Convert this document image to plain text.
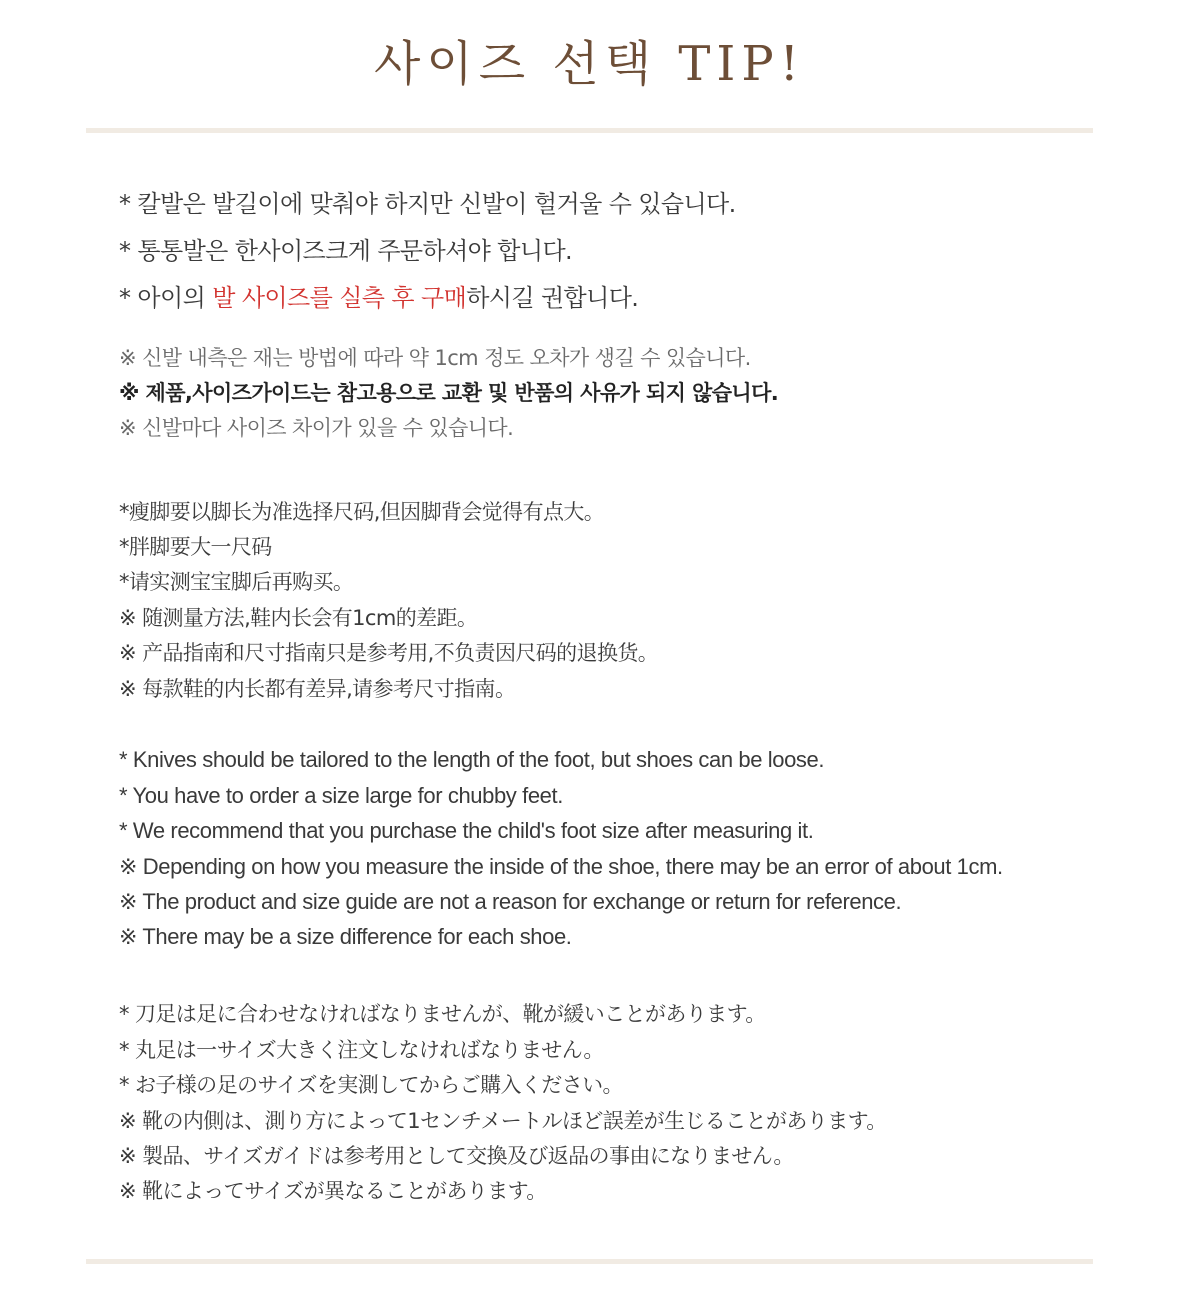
사이즈 선택 TIP!
* 칼발은 발길이에 맞춰야 하지만 신발이 헐거울 수 있습니다.
* 통통발은 한사이즈크게 주문하셔야 합니다.
* 아이의 발 사이즈를 실측 후 구매하시길 권합니다.
※ 신발 내측은 재는 방법에 따라 약 1cm 정도 오차가 생길 수 있습니다.
※ 제품,사이즈가이드는 참고용으로 교환 및 반품의 사유가 되지 않습니다.
※ 신발마다 사이즈 차이가 있을 수 있습니다.
*瘦脚要以脚长为准选择尺码,但因脚背会觉得有点大。
*胖脚要大一尺码
*请实测宝宝脚后再购买。
※ 随测量方法,鞋内长会有1cm的差距。
※ 产品指南和尺寸指南只是参考用,不负责因尺码的退换货。
※ 每款鞋的内长都有差异,请参考尺寸指南。
* Knives should be tailored to the length of the foot, but shoes can be loose.
* You have to order a size large for chubby feet.
* We recommend that you purchase the child's foot size after measuring it.
※ Depending on how you measure the inside of the shoe, there may be an error of about 1cm.
※ The product and size guide are not a reason for exchange or return for reference.
※ There may be a size difference for each shoe.
* 刀足は足に合わせなければなりませんが、靴が緩いことがあります。
* 丸足は一サイズ大きく注文しなければなりません。
* お子様の足のサイズを実測してからご購入ください。
※ 靴の内側は、測り方によって1センチメートルほど誤差が生じることがあります。
※ 製品、サイズガイドは参考用として交換及び返品の事由になりません。
※ 靴によってサイズが異なることがあります。
